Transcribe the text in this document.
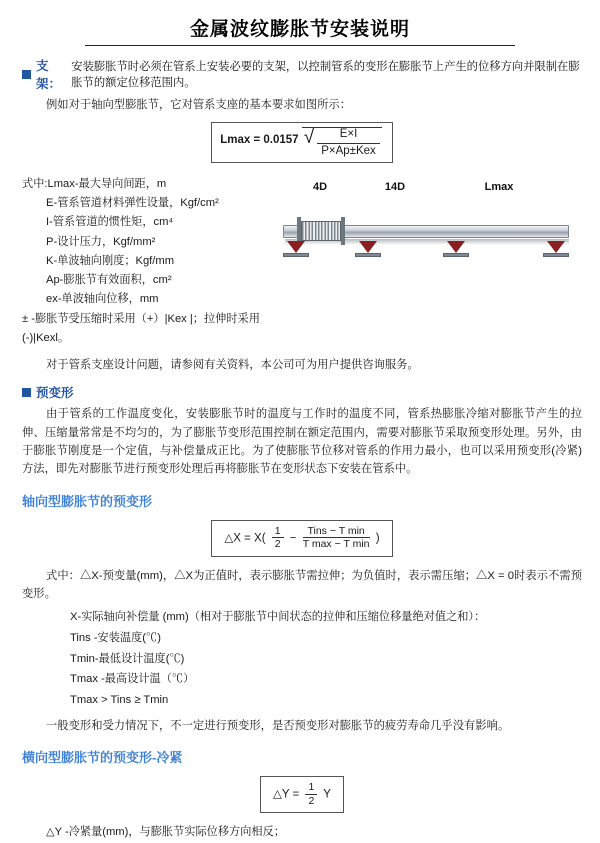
金属波纹膨胀节安装说明
支架：
安装膨胀节时必须在管系上安装必要的支架，以控制管系的变形在膨胀节上产生的位移方向并限制在膨胀节的额定位移范围内。

例如对于轴向型膨胀节，它对管系支座的基本要求如图所示：

Lmax = 0.0157 √ $\frac{E\times I}{\text{P×Ap±Kex}}$
式中:Lmax-最大导向间距，m
E-管系管道材料弹性设量，Kgf/cm²
I-管系管道的惯性矩，cm⁴
P-设计压力，Kgf/mm²
K-单波轴向刚度；Kgf/mm
Ap-膨胀节有效面积，cm²
ex-单波轴向位移，mm
± -膨胀节受压缩时采用（+）|Kex |；拉伸时采用(-)|Kexl。
4D	14D	Lmax

对于管系支座设计问题，请参阅有关资料，本公司可为用户提供咨询服务。

预变形

由于管系的工作温度变化，安装膨胀节时的温度与工作时的温度不同，管系热膨胀冷缩对膨胀节产生的拉伸、压缩量常常是不均匀的，为了膨胀节变形范围控制在额定范围内，需要对膨胀节采取预变形处理。另外，由于膨胀节刚度是一个定值，与补偿量成正比。为了使膨胀节位移对管系的作用力最小，也可以采用预变形(冷紧)方法，即先对膨胀节进行预变形处理后再将膨胀节在变形状态下安装在管系中。

轴向型膨胀节的预变形
△X = $X( \frac{1}{2} - \frac{\text{Tins − T min}}{\text{T max − T min}}$ )

式中：△X-预变量(mm)，△X为正值时，表示膨胀节需拉伸；为负值时，表示需压缩；△X = 0时表示不需预变形。

X-实际轴向补偿量 (mm)（相对于膨胀节中间状态的拉伸和压缩位移量绝对值之和）：
Tins -安装温度(℃)
Tmin-最低设计温度(℃)
Tmax -最高设计温（℃）
Tmax > Tins ≥ Tmin

一般变形和受力情况下，不一定进行预变形，是否预变形对膨胀节的疲劳寿命几乎没有影响。

横向型膨胀节的预变形-冷紧
△Y = $\frac{1}{2}$ Y
△Y -冷紧量(mm)，与膨胀节实际位移方向相反；
